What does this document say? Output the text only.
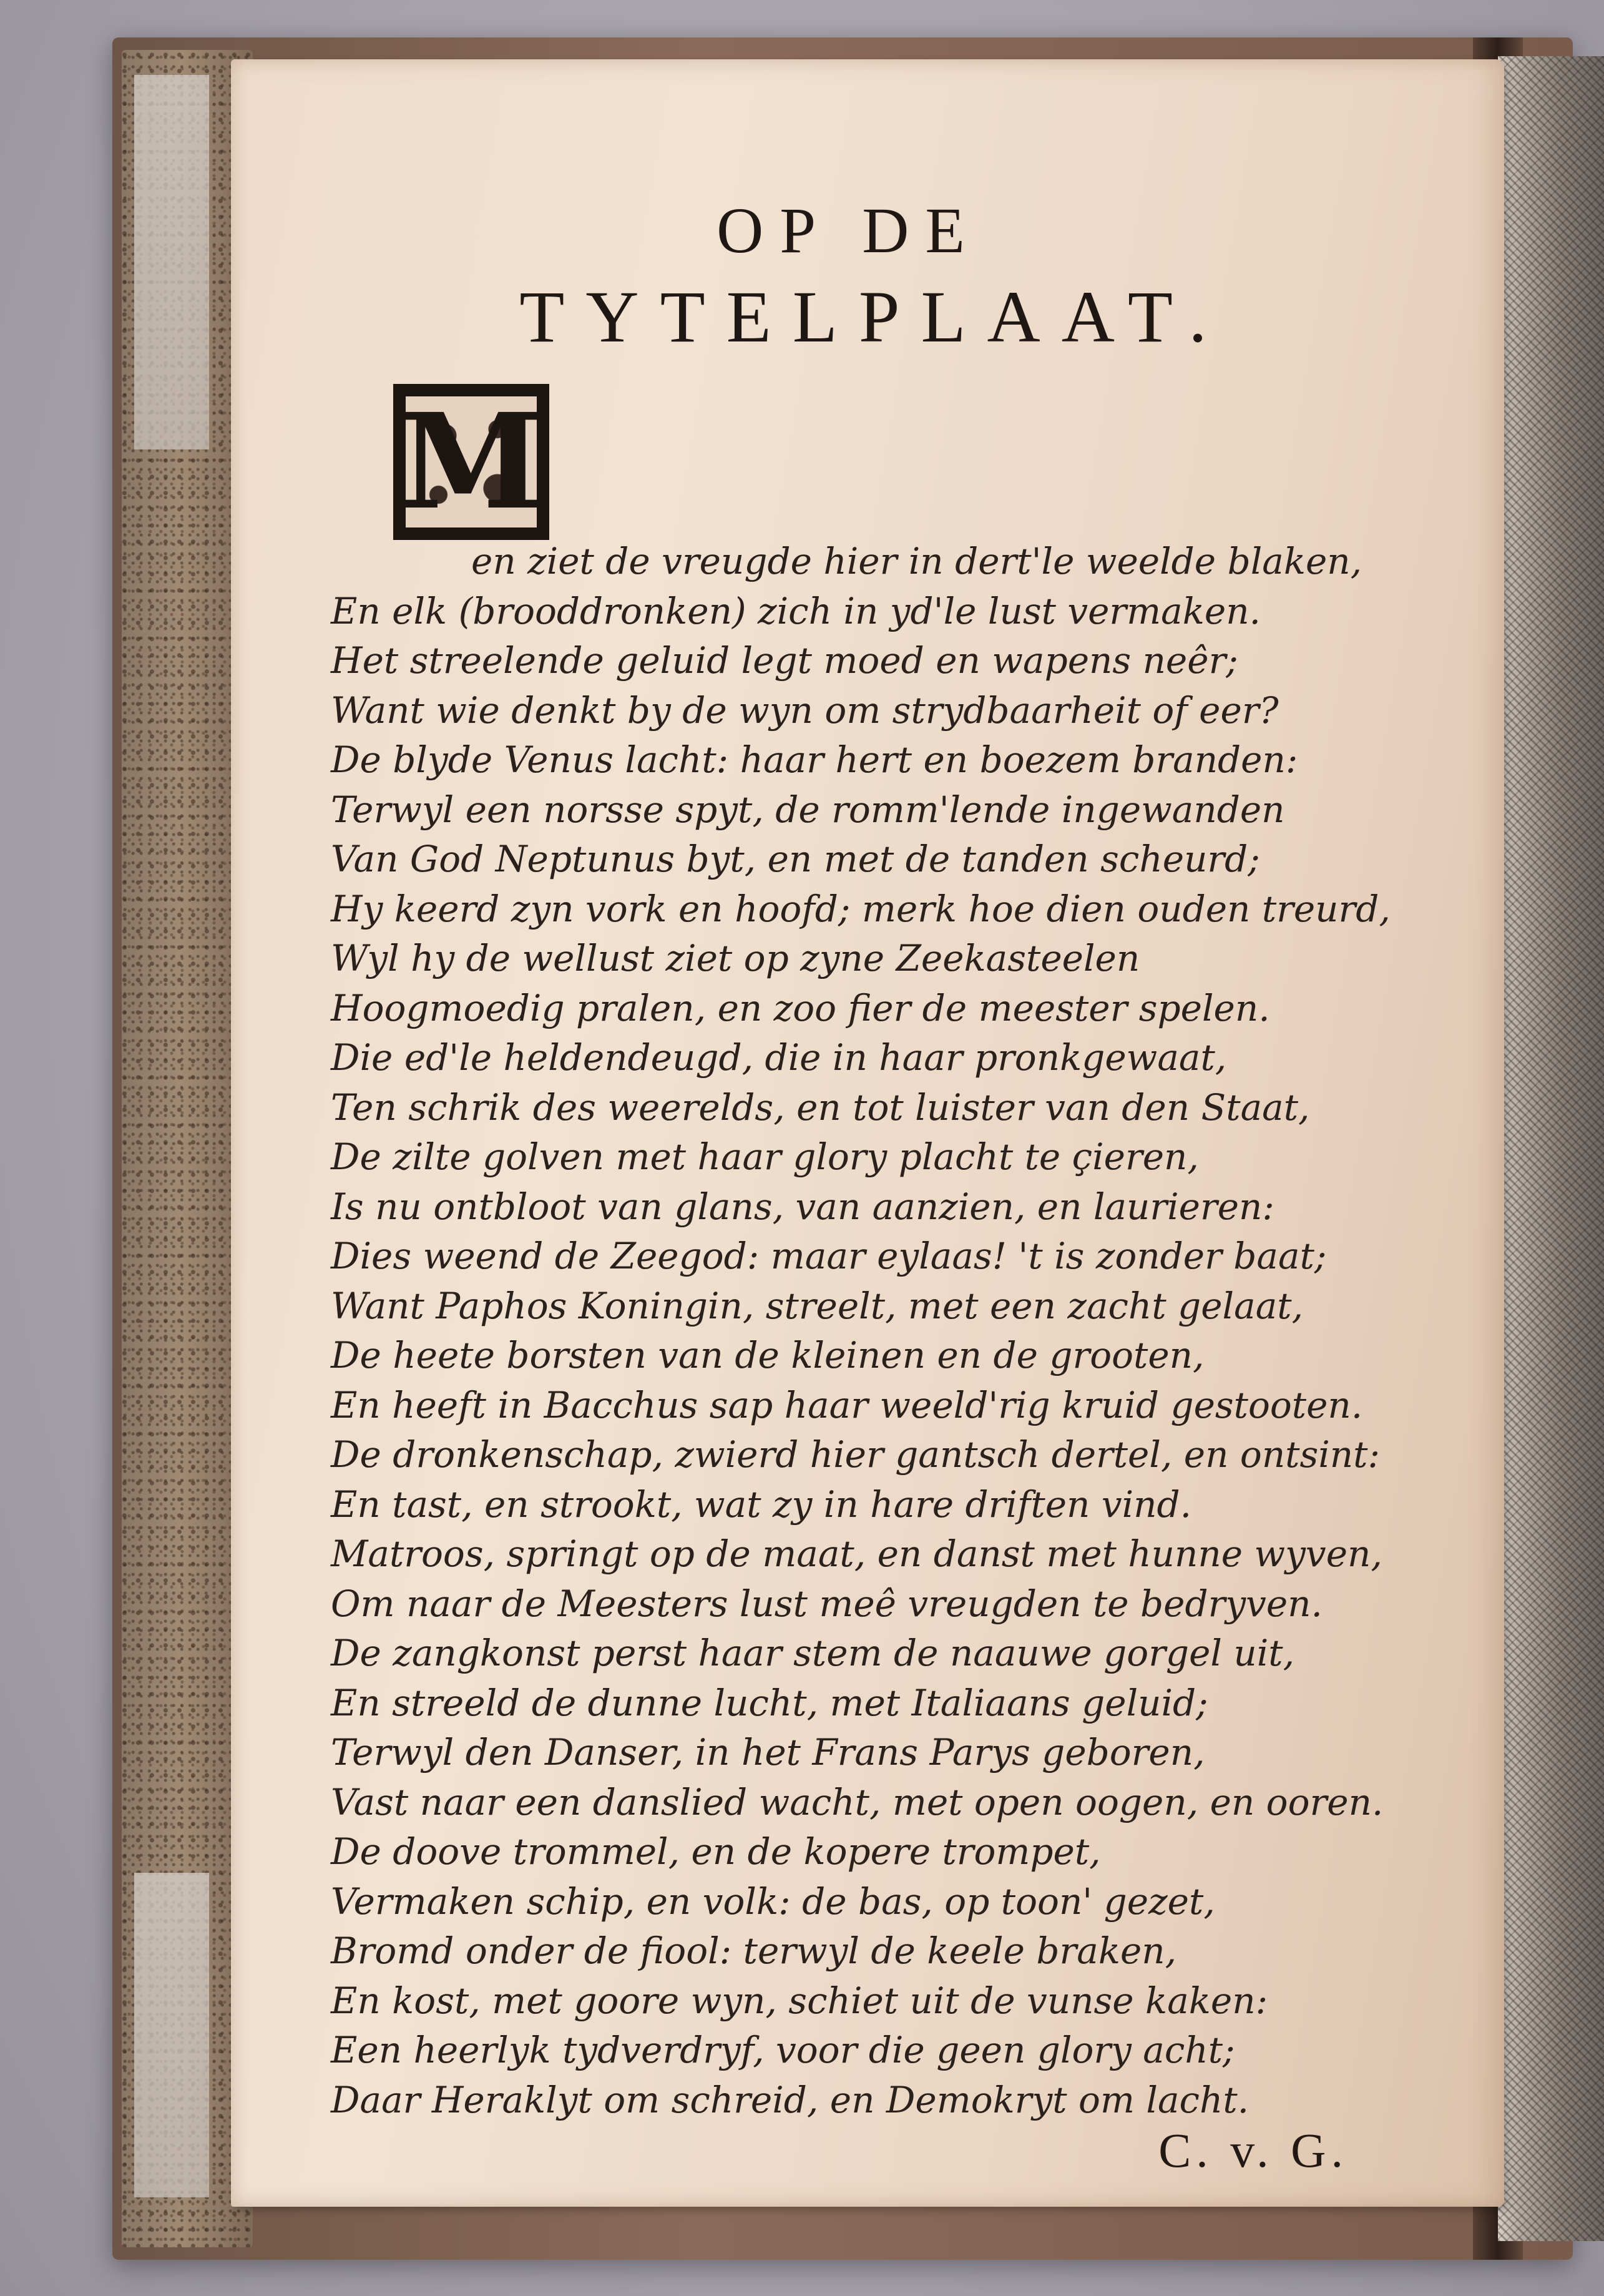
OP DE
TYTELPLAAT.
M
en ziet de vreugde hier in dert'le weelde blaken,
En elk (brooddronken) zich in yd'le lust vermaken.
Het streelende geluid legt moed en wapens neêr;
Want wie denkt by de wyn om strydbaarheit of eer?
De blyde Venus lacht: haar hert en boezem branden:
Terwyl een norsse spyt, de romm'lende ingewanden
Van God Neptunus byt, en met de tanden scheurd;
Hy keerd zyn vork en hoofd; merk hoe dien ouden treurd,
Wyl hy de wellust ziet op zyne Zeekasteelen
Hoogmoedig pralen, en zoo fier de meester spelen.
Die ed'le heldendeugd, die in haar pronkgewaat,
Ten schrik des weerelds, en tot luister van den Staat,
De zilte golven met haar glory placht te çieren,
Is nu ontbloot van glans, van aanzien, en laurieren:
Dies weend de Zeegod: maar eylaas! 't is zonder baat;
Want Paphos Koningin, streelt, met een zacht gelaat,
De heete borsten van de kleinen en de grooten,
En heeft in Bacchus sap haar weeld'rig kruid gestooten.
De dronkenschap, zwierd hier gantsch dertel, en ontsint:
En tast, en strookt, wat zy in hare driften vind.
Matroos, springt op de maat, en danst met hunne wyven,
Om naar de Meesters lust meê vreugden te bedryven.
De zangkonst perst haar stem de naauwe gorgel uit,
En streeld de dunne lucht, met Italiaans geluid;
Terwyl den Danser, in het Frans Parys geboren,
Vast naar een danslied wacht, met open oogen, en ooren.
De doove trommel, en de kopere trompet,
Vermaken schip, en volk: de bas, op toon' gezet,
Bromd onder de fiool: terwyl de keele braken,
En kost, met goore wyn, schiet uit de vunse kaken:
Een heerlyk tydverdryf, voor die geen glory acht;
Daar Heraklyt om schreid, en Demokryt om lacht.
C. v. G.
